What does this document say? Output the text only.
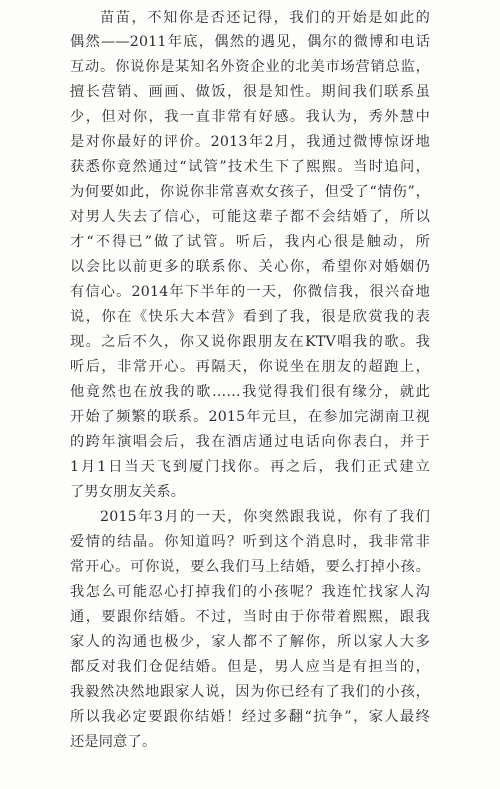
苗苗，不知你是否还记得，我们的开始是如此的
偶然——2011年底，偶然的遇见，偶尔的微博和电话
互动。你说你是某知名外资企业的北美市场营销总监，
擅长营销、画画、做饭，很是知性。期间我们联系虽
少，但对你，我一直非常有好感。我认为，秀外慧中
是对你最好的评价。2013年2月，我通过微博惊讶地
获悉你竟然通过“试管”技术生下了熙熙。当时追问，
为何要如此，你说你非常喜欢女孩子，但受了“情伤”，
对男人失去了信心，可能这辈子都不会结婚了，所以
才“不得已”做了试管。听后，我内心很是触动，所
以会比以前更多的联系你、关心你，希望你对婚姻仍
有信心。2014年下半年的一天，你微信我，很兴奋地
说，你在《快乐大本营》看到了我，很是欣赏我的表
现。之后不久，你又说你跟朋友在KTV唱我的歌。我
听后，非常开心。再隔天，你说坐在朋友的超跑上，
他竟然也在放我的歌……我觉得我们很有缘分，就此
开始了频繁的联系。2015年元旦，在参加完湖南卫视
的跨年演唱会后，我在酒店通过电话向你表白，并于
1月1日当天飞到厦门找你。再之后，我们正式建立
了男女朋友关系。
2015年3月的一天，你突然跟我说，你有了我们
爱情的结晶。你知道吗？听到这个消息时，我非常非
常开心。可你说，要么我们马上结婚，要么打掉小孩。
我怎么可能忍心打掉我们的小孩呢？我连忙找家人沟
通，要跟你结婚。不过，当时由于你带着熙熙，跟我
家人的沟通也极少，家人都不了解你，所以家人大多
都反对我们仓促结婚。但是，男人应当是有担当的，
我毅然决然地跟家人说，因为你已经有了我们的小孩，
所以我必定要跟你结婚！经过多翻“抗争”，家人最终
还是同意了。
